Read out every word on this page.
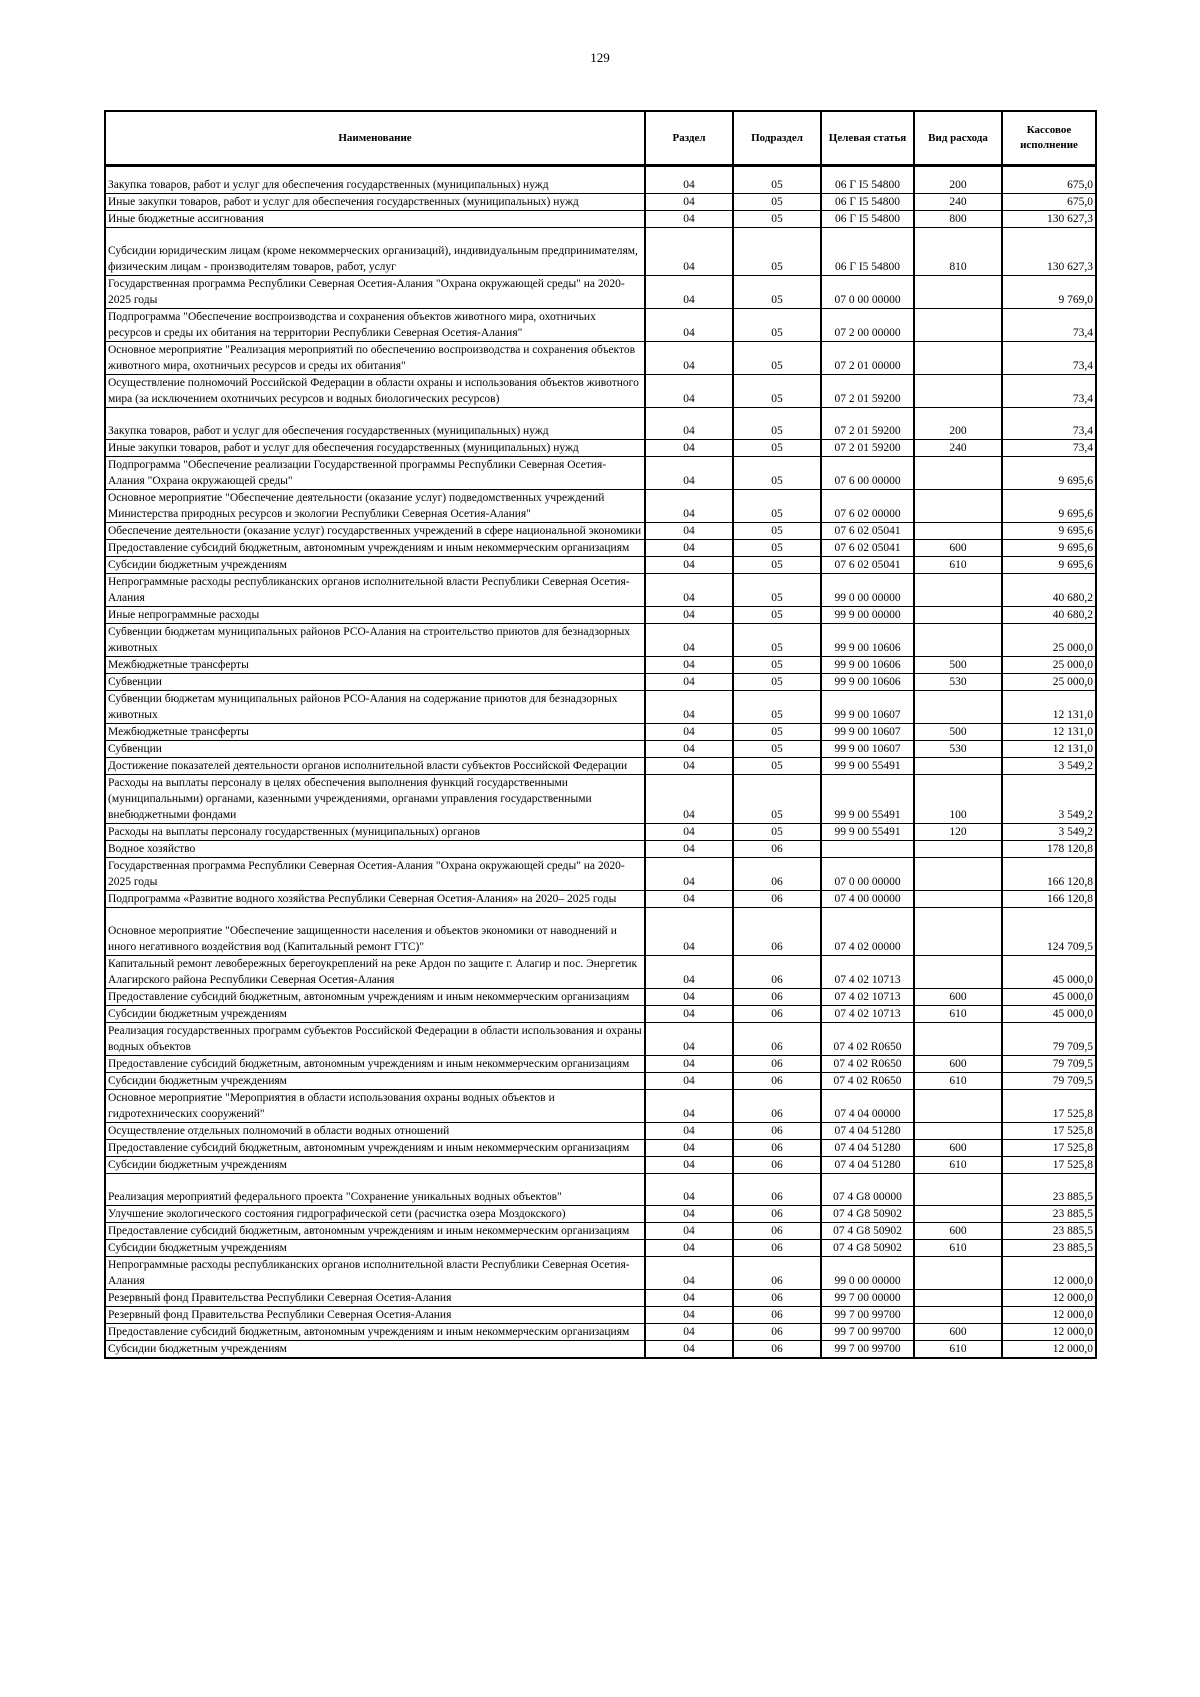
129
Наименование	Раздел	Подраздел	Целевая статья	Вид расхода	Кассовое исполнение

Закупка товаров, работ и услуг для обеспечения государственных (муниципальных) нужд	04	05	06 Г I5 54800	200	675,0
Иные закупки товаров, работ и услуг для обеспечения государственных (муниципальных) нужд	04	05	06 Г I5 54800	240	675,0
Иные бюджетные ассигнования	04	05	06 Г I5 54800	800	130 627,3
Субсидии юридическим лицам (кроме некоммерческих организаций), индивидуальным предпринимателям, физическим лицам - производителям товаров, работ, услуг	04	05	06 Г I5 54800	810	130 627,3
Государственная программа Республики Северная Осетия-Алания "Охрана окружающей среды" на 2020-2025 годы	04	05	07 0 00 00000		9 769,0
Подпрограмма "Обеспечение воспроизводства и сохранения объектов животного мира, охотничьих ресурсов и среды их обитания на территории Республики Северная Осетия-Алания"	04	05	07 2 00 00000		73,4
Основное мероприятие "Реализация мероприятий по обеспечению воспроизводства и сохранения объектов животного мира, охотничьих ресурсов и среды их обитания"	04	05	07 2 01 00000		73,4
Осуществление полномочий Российской Федерации в области охраны и использования объектов животного мира (за исключением охотничьих ресурсов и водных биологических ресурсов)	04	05	07 2 01 59200		73,4
Закупка товаров, работ и услуг для обеспечения государственных (муниципальных) нужд	04	05	07 2 01 59200	200	73,4
Иные закупки товаров, работ и услуг для обеспечения государственных (муниципальных) нужд	04	05	07 2 01 59200	240	73,4
Подпрограмма "Обеспечение реализации Государственной программы Республики Северная Осетия-Алания "Охрана окружающей среды"	04	05	07 6 00 00000		9 695,6
Основное мероприятие "Обеспечение деятельности (оказание услуг) подведомственных учреждений Министерства природных ресурсов и экологии Республики Северная Осетия-Алания"	04	05	07 6 02 00000		9 695,6
Обеспечение деятельности (оказание услуг) государственных учреждений в сфере национальной экономики	04	05	07 6 02 05041		9 695,6
Предоставление субсидий бюджетным, автономным учреждениям и иным некоммерческим организациям	04	05	07 6 02 05041	600	9 695,6
Субсидии бюджетным учреждениям	04	05	07 6 02 05041	610	9 695,6
Непрограммные расходы республиканских органов исполнительной власти Республики Северная Осетия-Алания	04	05	99 0 00 00000		40 680,2
Иные непрограммные расходы	04	05	99 9 00 00000		40 680,2
Субвенции бюджетам муниципальных районов РСО-Алания на строительство приютов для безнадзорных животных	04	05	99 9 00 10606		25 000,0
Межбюджетные трансферты	04	05	99 9 00 10606	500	25 000,0
Субвенции	04	05	99 9 00 10606	530	25 000,0
Субвенции бюджетам муниципальных районов РСО-Алания на содержание приютов для безнадзорных животных	04	05	99 9 00 10607		12 131,0
Межбюджетные трансферты	04	05	99 9 00 10607	500	12 131,0
Субвенции	04	05	99 9 00 10607	530	12 131,0
Достижение показателей деятельности органов исполнительной власти субъектов Российской Федерации	04	05	99 9 00 55491		3 549,2
Расходы на выплаты персоналу в целях обеспечения выполнения функций государственными (муниципальными) органами, казенными учреждениями, органами управления государственными внебюджетными фондами	04	05	99 9 00 55491	100	3 549,2
Расходы на выплаты персоналу государственных (муниципальных) органов	04	05	99 9 00 55491	120	3 549,2
Водное хозяйство	04	06			178 120,8
Государственная программа Республики Северная Осетия-Алания "Охрана окружающей среды" на 2020-2025 годы	04	06	07 0 00 00000		166 120,8
Подпрограмма «Развитие водного хозяйства Республики Северная Осетия-Алания» на 2020– 2025 годы	04	06	07 4 00 00000		166 120,8
Основное мероприятие "Обеспечение защищенности населения и объектов экономики от наводнений и иного негативного воздействия вод (Капитальный ремонт ГТС)"	04	06	07 4 02 00000		124 709,5
Капитальный ремонт левобережных берегоукреплений на реке Ардон по защите г. Алагир и пос. Энергетик Алагирского района Республики Северная Осетия-Алания	04	06	07 4 02 10713		45 000,0
Предоставление субсидий бюджетным, автономным учреждениям и иным некоммерческим организациям	04	06	07 4 02 10713	600	45 000,0
Субсидии бюджетным учреждениям	04	06	07 4 02 10713	610	45 000,0
Реализация государственных программ субъектов Российской Федерации в области использования и охраны водных объектов	04	06	07 4 02 R0650		79 709,5
Предоставление субсидий бюджетным, автономным учреждениям и иным некоммерческим организациям	04	06	07 4 02 R0650	600	79 709,5
Субсидии бюджетным учреждениям	04	06	07 4 02 R0650	610	79 709,5
Основное мероприятие "Мероприятия в области использования охраны водных объектов и гидротехнических сооружений"	04	06	07 4 04 00000		17 525,8
Осуществление отдельных полномочий в области водных отношений	04	06	07 4 04 51280		17 525,8
Предоставление субсидий бюджетным, автономным учреждениям и иным некоммерческим организациям	04	06	07 4 04 51280	600	17 525,8
Субсидии бюджетным учреждениям	04	06	07 4 04 51280	610	17 525,8
Реализация мероприятий федерального проекта "Сохранение уникальных водных объектов"	04	06	07 4 G8 00000		23 885,5
Улучшение экологического состояния гидрографической сети (расчистка озера Моздокского)	04	06	07 4 G8 50902		23 885,5
Предоставление субсидий бюджетным, автономным учреждениям и иным некоммерческим организациям	04	06	07 4 G8 50902	600	23 885,5
Субсидии бюджетным учреждениям	04	06	07 4 G8 50902	610	23 885,5
Непрограммные расходы республиканских органов исполнительной власти Республики Северная Осетия-Алания	04	06	99 0 00 00000		12 000,0
Резервный фонд Правительства Республики Северная Осетия-Алания	04	06	99 7 00 00000		12 000,0
Резервный фонд Правительства Республики Северная Осетия-Алания	04	06	99 7 00 99700		12 000,0
Предоставление субсидий бюджетным, автономным учреждениям и иным некоммерческим организациям	04	06	99 7 00 99700	600	12 000,0
Субсидии бюджетным учреждениям	04	06	99 7 00 99700	610	12 000,0
